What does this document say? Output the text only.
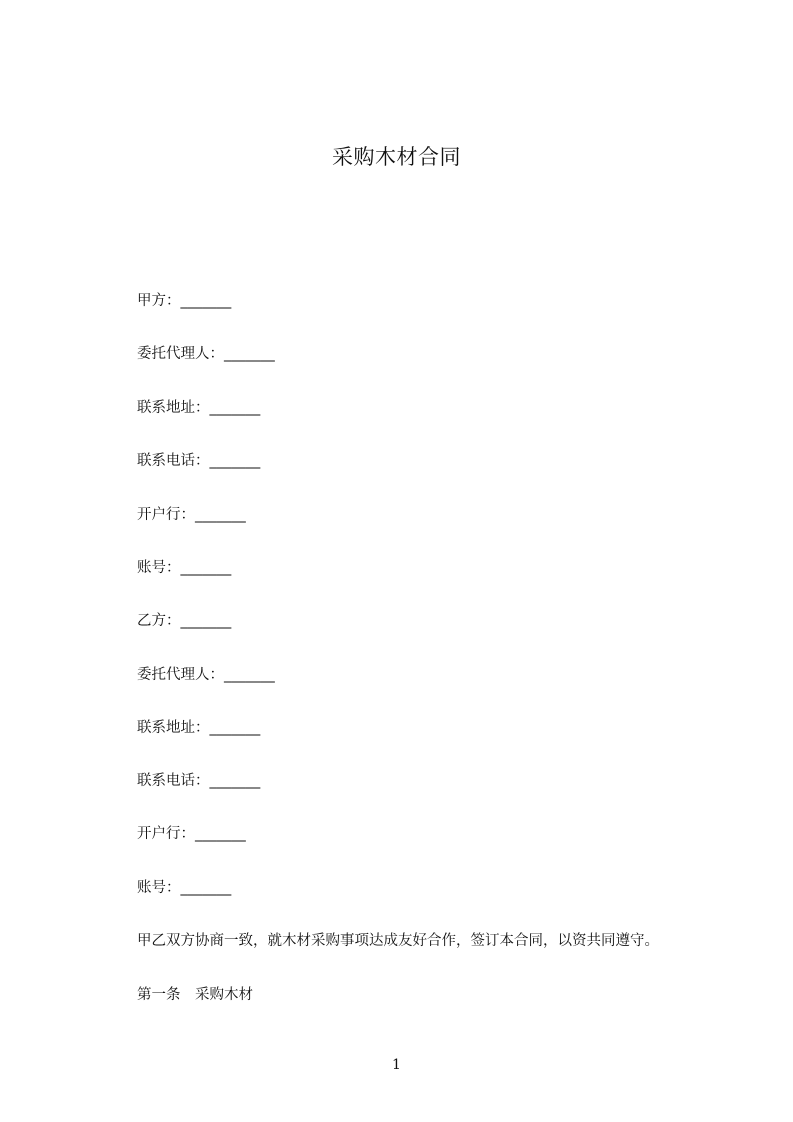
采购木材合同
甲方：_______
委托代理人：_______
联系地址：_______
联系电话：_______
开户行：_______
账号：_______
乙方：_______
委托代理人：_______
联系地址：_______
联系电话：_______
开户行：_______
账号：_______
甲乙双方协商一致，就木材采购事项达成友好合作，签订本合同，以资共同遵守。
第一条　采购木材
1
